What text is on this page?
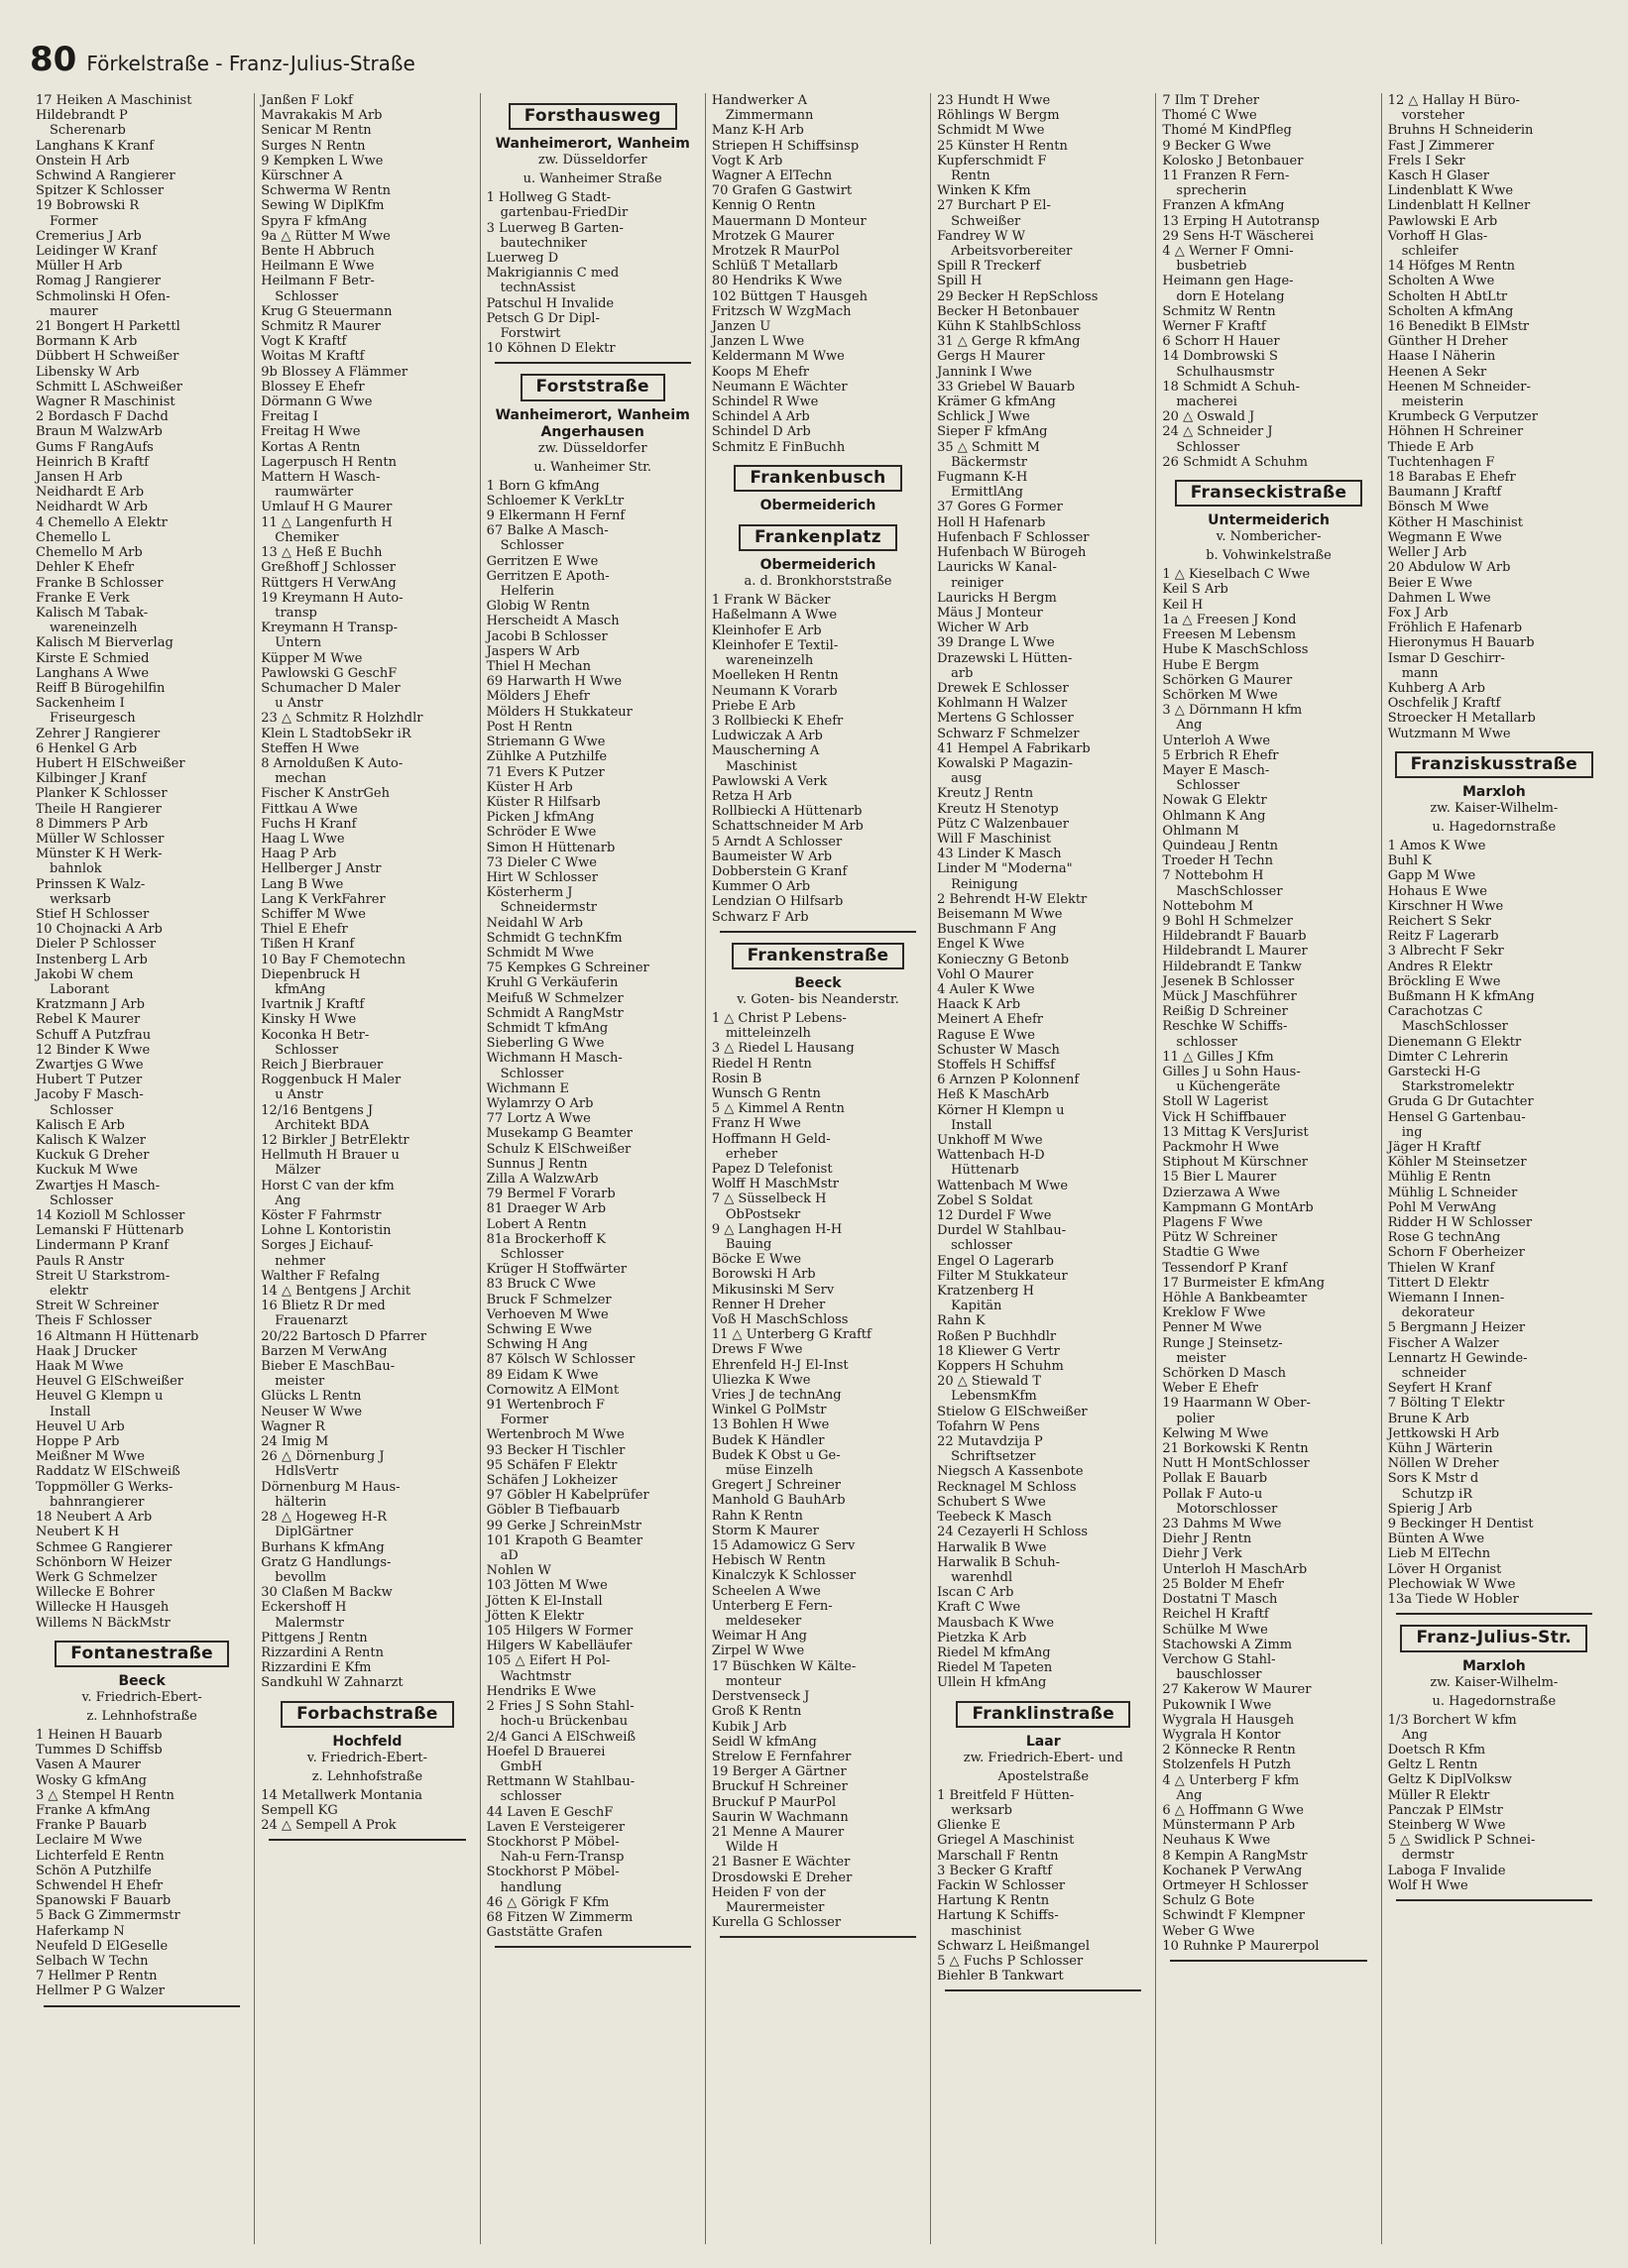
80 Förkelstraße - Franz-Julius-Straße
17 Heiken A Maschinist
Hildebrandt P
Scherenarb
Langhans K Kranf
Onstein H Arb
Schwind A Rangierer
Spitzer K Schlosser
19 Bobrowski R
Former
Cremerius J Arb
Leidinger W Kranf
Müller H Arb
Romag J Rangierer
Schmolinski H Ofen-
maurer
21 Bongert H Parkettl
Bormann K Arb
Dübbert H Schweißer
Libensky W Arb
Schmitt L ASchweißer
Wagner R Maschinist
2 Bordasch F Dachd
Braun M WalzwArb
Gums F RangAufs
Heinrich B Kraftf
Jansen H Arb
Neidhardt E Arb
Neidhardt W Arb
4 Chemello A Elektr
Chemello L
Chemello M Arb
Dehler K Ehefr
Franke B Schlosser
Franke E Verk
Kalisch M Tabak-
wareneinzelh
Kalisch M Bierverlag
Kirste E Schmied
Langhans A Wwe
Reiff B Bürogehilfin
Sackenheim I
Friseurgesch
Zehrer J Rangierer
6 Henkel G Arb
Hubert H ElSchweißer
Kilbinger J Kranf
Planker K Schlosser
Theile H Rangierer
8 Dimmers P Arb
Müller W Schlosser
Münster K H Werk-
bahnlok
Prinssen K Walz-
werksarb
Stief H Schlosser
10 Chojnacki A Arb
Dieler P Schlosser
Instenberg L Arb
Jakobi W chem
Laborant
Kratzmann J Arb
Rebel K Maurer
Schuff A Putzfrau
12 Binder K Wwe
Zwartjes G Wwe
Hubert T Putzer
Jacoby F Masch-
Schlosser
Kalisch E Arb
Kalisch K Walzer
Kuckuk G Dreher
Kuckuk M Wwe
Zwartjes H Masch-
Schlosser
14 Kozioll M Schlosser
Lemanski F Hüttenarb
Lindermann P Kranf
Pauls R Anstr
Streit U Starkstrom-
elektr
Streit W Schreiner
Theis F Schlosser
16 Altmann H Hüttenarb
Haak J Drucker
Haak M Wwe
Heuvel G ElSchweißer
Heuvel G Klempn u
Install
Heuvel U Arb
Hoppe P Arb
Meißner M Wwe
Raddatz W ElSchweiß
Toppmöller G Werks-
bahnrangierer
18 Neubert A Arb
Neubert K H
Schmee G Rangierer
Schönborn W Heizer
Werk G Schmelzer
Willecke E Bohrer
Willecke H Hausgeh
Willems N BäckMstr
Fontanestraße
Beeck
v. Friedrich-Ebert-
z. Lehnhofstraße
1 Heinen H Bauarb
Tummes D Schiffsb
Vasen A Maurer
Wosky G kfmAng
3 △ Stempel H Rentn
Franke A kfmAng
Franke P Bauarb
Leclaire M Wwe
Lichterfeld E Rentn
Schön A Putzhilfe
Schwendel H Ehefr
Spanowski F Bauarb
5 Back G Zimmermstr
Haferkamp N
Neufeld D ElGeselle
Selbach W Techn
7 Hellmer P Rentn
Hellmer P G Walzer
Janßen F Lokf
Mavrakakis M Arb
Senicar M Rentn
Surges N Rentn
9 Kempken L Wwe
Kürschner A
Schwerma W Rentn
Sewing W DiplKfm
Spyra F kfmAng
9a △ Rütter M Wwe
Bente H Abbruch
Heilmann E Wwe
Heilmann F Betr-
Schlosser
Krug G Steuermann
Schmitz R Maurer
Vogt K Kraftf
Woitas M Kraftf
9b Blossey A Flämmer
Blossey E Ehefr
Dörmann G Wwe
Freitag I
Freitag H Wwe
Kortas A Rentn
Lagerpusch H Rentn
Mattern H Wasch-
raumwärter
Umlauf H G Maurer
11 △ Langenfurth H
Chemiker
13 △ Heß E Buchh
Greßhoff J Schlosser
Rüttgers H VerwAng
19 Kreymann H Auto-
transp
Kreymann H Transp-
Untern
Küpper M Wwe
Pawlowski G GeschF
Schumacher D Maler
u Anstr
23 △ Schmitz R Holzhdlr
Klein L StadtobSekr iR
Steffen H Wwe
8 Arnoldußen K Auto-
mechan
Fischer K AnstrGeh
Fittkau A Wwe
Fuchs H Kranf
Haag L Wwe
Haag P Arb
Hellberger J Anstr
Lang B Wwe
Lang K VerkFahrer
Schiffer M Wwe
Thiel E Ehefr
Tißen H Kranf
10 Bay F Chemotechn
Diepenbruck H
kfmAng
Ivartnik J Kraftf
Kinsky H Wwe
Koconka H Betr-
Schlosser
Reich J Bierbrauer
Roggenbuck H Maler
u Anstr
12/16 Bentgens J
Architekt BDA
12 Birkler J BetrElektr
Hellmuth H Brauer u
Mälzer
Horst C van der kfm
Ang
Köster F Fahrmstr
Lohne L Kontoristin
Sorges J Eichauf-
nehmer
Walther F Refalng
14 △ Bentgens J Archit
16 Blietz R Dr med
Frauenarzt
20/22 Bartosch D Pfarrer
Barzen M VerwAng
Bieber E MaschBau-
meister
Glücks L Rentn
Neuser W Wwe
Wagner R
24 Imig M
26 △ Dörnenburg J
HdlsVertr
Dörnenburg M Haus-
hälterin
28 △ Hogeweg H-R
DiplGärtner
Burhans K kfmAng
Gratz G Handlungs-
bevollm
30 Claßen M Backw
Eckershoff H
Malermstr
Pittgens J Rentn
Rizzardini A Rentn
Rizzardini E Kfm
Sandkuhl W Zahnarzt
Forbachstraße
Hochfeld
v. Friedrich-Ebert-
z. Lehnhofstraße
14 Metallwerk Montania
Sempell KG
24 △ Sempell A Prok
Forsthausweg
Wanheimerort, Wanheim
zw. Düsseldorfer
u. Wanheimer Straße
1 Hollweg G Stadt-
gartenbau-FriedDir
3 Luerweg B Garten-
bautechniker
Luerweg D
Makrigiannis C med
technAssist
Patschul H Invalide
Petsch G Dr Dipl-
Forstwirt
10 Köhnen D Elektr
Forststraße
Wanheimerort, Wanheim Angerhausen
zw. Düsseldorfer
u. Wanheimer Str.
1 Born G kfmAng
Schloemer K VerkLtr
9 Elkermann H Fernf
67 Balke A Masch-
Schlosser
Gerritzen E Wwe
Gerritzen E Apoth-
Helferin
Globig W Rentn
Herscheidt A Masch
Jacobi B Schlosser
Jaspers W Arb
Thiel H Mechan
69 Harwarth H Wwe
Mölders J Ehefr
Mölders H Stukkateur
Post H Rentn
Striemann G Wwe
Zühlke A Putzhilfe
71 Evers K Putzer
Küster H Arb
Küster R Hilfsarb
Picken J kfmAng
Schröder E Wwe
Simon H Hüttenarb
73 Dieler C Wwe
Hirt W Schlosser
Kösterherm J
Schneidermstr
Neidahl W Arb
Schmidt G technKfm
Schmidt M Wwe
75 Kempkes G Schreiner
Kruhl G Verkäuferin
Meifuß W Schmelzer
Schmidt A RangMstr
Schmidt T kfmAng
Sieberling G Wwe
Wichmann H Masch-
Schlosser
Wichmann E
Wylamrzy O Arb
77 Lortz A Wwe
Musekamp G Beamter
Schulz K ElSchweißer
Sunnus J Rentn
Zilla A WalzwArb
79 Bermel F Vorarb
81 Draeger W Arb
Lobert A Rentn
81a Brockerhoff K
Schlosser
Krüger H Stoffwärter
83 Bruck C Wwe
Bruck F Schmelzer
Verhoeven M Wwe
Schwing E Wwe
Schwing H Ang
87 Kölsch W Schlosser
89 Eidam K Wwe
Cornowitz A ElMont
91 Wertenbroch F
Former
Wertenbroch M Wwe
93 Becker H Tischler
95 Schäfen F Elektr
Schäfen J Lokheizer
97 Göbler H Kabelprüfer
Göbler B Tiefbauarb
99 Gerke J SchreinMstr
101 Krapoth G Beamter
aD
Nohlen W
103 Jötten M Wwe
Jötten K El-Install
Jötten K Elektr
105 Hilgers W Former
Hilgers W Kabelläufer
105 △ Eifert H Pol-
Wachtmstr
Hendriks E Wwe
2 Fries J S Sohn Stahl-
hoch-u Brückenbau
2/4 Ganci A ElSchweiß
Hoefel D Brauerei
GmbH
Rettmann W Stahlbau-
schlosser
44 Laven E GeschF
Laven E Versteigerer
Stockhorst P Möbel-
Nah-u Fern-Transp
Stockhorst P Möbel-
handlung
46 △ Görigk F Kfm
68 Fitzen W Zimmerm
Gaststätte Grafen
Handwerker A
Zimmermann
Manz K-H Arb
Striepen H Schiffsinsp
Vogt K Arb
Wagner A ElTechn
70 Grafen G Gastwirt
Kennig O Rentn
Mauermann D Monteur
Mrotzek G Maurer
Mrotzek R MaurPol
Schlüß T Metallarb
80 Hendriks K Wwe
102 Büttgen T Hausgeh
Fritzsch W WzgMach
Janzen U
Janzen L Wwe
Keldermann M Wwe
Koops M Ehefr
Neumann E Wächter
Schindel R Wwe
Schindel A Arb
Schindel D Arb
Schmitz E FinBuchh
Frankenbusch
Obermeiderich
Frankenplatz
Obermeiderich
a. d. Bronkhorststraße
1 Frank W Bäcker
Haßelmann A Wwe
Kleinhofer E Arb
Kleinhofer E Textil-
wareneinzelh
Moelleken H Rentn
Neumann K Vorarb
Priebe E Arb
3 Rollbiecki K Ehefr
Ludwiczak A Arb
Mauscherning A
Maschinist
Pawlowski A Verk
Retza H Arb
Rollbiecki A Hüttenarb
Schattschneider M Arb
5 Arndt A Schlosser
Baumeister W Arb
Dobberstein G Kranf
Kummer O Arb
Lendzian O Hilfsarb
Schwarz F Arb
Frankenstraße
Beeck
v. Goten- bis Neanderstr.
1 △ Christ P Lebens-
mitteleinzelh
3 △ Riedel L Hausang
Riedel H Rentn
Rosin B
Wunsch G Rentn
5 △ Kimmel A Rentn
Franz H Wwe
Hoffmann H Geld-
erheber
Papez D Telefonist
Wolff H MaschMstr
7 △ Süsselbeck H
ObPostsekr
9 △ Langhagen H-H
Bauing
Böcke E Wwe
Borowski H Arb
Mikusinski M Serv
Renner H Dreher
Voß H MaschSchloss
11 △ Unterberg G Kraftf
Drews F Wwe
Ehrenfeld H-J El-Inst
Uliezka K Wwe
Vries J de technAng
Winkel G PolMstr
13 Bohlen H Wwe
Budek K Händler
Budek K Obst u Ge-
müse Einzelh
Gregert J Schreiner
Manhold G BauhArb
Rahn K Rentn
Storm K Maurer
15 Adamowicz G Serv
Hebisch W Rentn
Kinalczyk K Schlosser
Scheelen A Wwe
Unterberg E Fern-
meldeseker
Weimar H Ang
Zirpel W Wwe
17 Büschken W Kälte-
monteur
Derstvenseck J
Groß K Rentn
Kubik J Arb
Seidl W kfmAng
Strelow E Fernfahrer
19 Berger A Gärtner
Bruckuf H Schreiner
Bruckuf P MaurPol
Saurin W Wachmann
21 Menne A Maurer
Wilde H
21 Basner E Wächter
Drosdowski E Dreher
Heiden F von der
Maurermeister
Kurella G Schlosser
23 Hundt H Wwe
Röhlings W Bergm
Schmidt M Wwe
25 Künster H Rentn
Kupferschmidt F
Rentn
Winken K Kfm
27 Burchart P El-
Schweißer
Fandrey W W
Arbeitsvorbereiter
Spill R Treckerf
Spill H
29 Becker H RepSchloss
Becker H Betonbauer
Kühn K StahlbSchloss
31 △ Gerge R kfmAng
Gergs H Maurer
Jannink I Wwe
33 Griebel W Bauarb
Krämer G kfmAng
Schlick J Wwe
Sieper F kfmAng
35 △ Schmitt M
Bäckermstr
Fugmann K-H
ErmittlAng
37 Gores G Former
Holl H Hafenarb
Hufenbach F Schlosser
Hufenbach W Bürogeh
Lauricks W Kanal-
reiniger
Lauricks H Bergm
Mäus J Monteur
Wicher W Arb
39 Drange L Wwe
Drazewski L Hütten-
arb
Drewek E Schlosser
Kohlmann H Walzer
Mertens G Schlosser
Schwarz F Schmelzer
41 Hempel A Fabrikarb
Kowalski P Magazin-
ausg
Kreutz J Rentn
Kreutz H Stenotyp
Pütz C Walzenbauer
Will F Maschinist
43 Linder K Masch
Linder M "Moderna"
Reinigung
2 Behrendt H-W Elektr
Beisemann M Wwe
Buschmann F Ang
Engel K Wwe
Konieczny G Betonb
Vohl O Maurer
4 Auler K Wwe
Haack K Arb
Meinert A Ehefr
Raguse E Wwe
Schuster W Masch
Stoffels H Schiffsf
6 Arnzen P Kolonnenf
Heß K MaschArb
Körner H Klempn u
Install
Unkhoff M Wwe
Wattenbach H-D
Hüttenarb
Wattenbach M Wwe
Zobel S Soldat
12 Durdel F Wwe
Durdel W Stahlbau-
schlosser
Engel O Lagerarb
Filter M Stukkateur
Kratzenberg H
Kapitän
Rahn K
Roßen P Buchhdlr
18 Kliewer G Vertr
Koppers H Schuhm
20 △ Stiewald T
LebensmKfm
Stielow G ElSchweißer
Tofahrn W Pens
22 Mutavdzija P
Schriftsetzer
Niegsch A Kassenbote
Recknagel M Schloss
Schubert S Wwe
Teebeck K Masch
24 Cezayerli H Schloss
Harwalik B Wwe
Harwalik B Schuh-
warenhdl
Iscan C Arb
Kraft C Wwe
Mausbach K Wwe
Pietzka K Arb
Riedel M kfmAng
Riedel M Tapeten
Ullein H kfmAng
Franklinstraße
Laar
zw. Friedrich-Ebert- und
Apostelstraße
1 Breitfeld F Hütten-
werksarb
Glienke E
Griegel A Maschinist
Marschall F Rentn
3 Becker G Kraftf
Fackin W Schlosser
Hartung K Rentn
Hartung K Schiffs-
maschinist
Schwarz L Heißmangel
5 △ Fuchs P Schlosser
Biehler B Tankwart
7 Ilm T Dreher
Thomé C Wwe
Thomé M KindPfleg
9 Becker G Wwe
Kolosko J Betonbauer
11 Franzen R Fern-
sprecherin
Franzen A kfmAng
13 Erping H Autotransp
29 Sens H-T Wäscherei
4 △ Werner F Omni-
busbetrieb
Heimann gen Hage-
dorn E Hotelang
Schmitz W Rentn
Werner F Kraftf
6 Schorr H Hauer
14 Dombrowski S
Schulhausmstr
18 Schmidt A Schuh-
macherei
20 △ Oswald J
24 △ Schneider J
Schlosser
26 Schmidt A Schuhm
Franseckistraße
Untermeiderich
v. Nombericher-
b. Vohwinkelstraße
1 △ Kieselbach C Wwe
Keil S Arb
Keil H
1a △ Freesen J Kond
Freesen M Lebensm
Hube K MaschSchloss
Hube E Bergm
Schörken G Maurer
Schörken M Wwe
3 △ Dörnmann H kfm
Ang
Unterloh A Wwe
5 Erbrich R Ehefr
Mayer E Masch-
Schlosser
Nowak G Elektr
Ohlmann K Ang
Ohlmann M
Quindeau J Rentn
Troeder H Techn
7 Nottebohm H
MaschSchlosser
Nottebohm M
9 Bohl H Schmelzer
Hildebrandt F Bauarb
Hildebrandt L Maurer
Hildebrandt E Tankw
Jesenek B Schlosser
Mück J Maschführer
Reißig D Schreiner
Reschke W Schiffs-
schlosser
11 △ Gilles J Kfm
Gilles J u Sohn Haus-
u Küchengeräte
Stoll W Lagerist
Vick H Schiffbauer
13 Mittag K VersJurist
Packmohr H Wwe
Stiphout M Kürschner
15 Bier L Maurer
Dzierzawa A Wwe
Kampmann G MontArb
Plagens F Wwe
Pütz W Schreiner
Stadtie G Wwe
Tessendorf P Kranf
17 Burmeister E kfmAng
Höhle A Bankbeamter
Kreklow F Wwe
Penner M Wwe
Runge J Steinsetz-
meister
Schörken D Masch
Weber E Ehefr
19 Haarmann W Ober-
polier
Kelwing M Wwe
21 Borkowski K Rentn
Nutt H MontSchlosser
Pollak E Bauarb
Pollak F Auto-u
Motorschlosser
23 Dahms M Wwe
Diehr J Rentn
Diehr J Verk
Unterloh H MaschArb
25 Bolder M Ehefr
Dostatni T Masch
Reichel H Kraftf
Schülke M Wwe
Stachowski A Zimm
Verchow G Stahl-
bauschlosser
27 Kakerow W Maurer
Pukownik I Wwe
Wygrala H Hausgeh
Wygrala H Kontor
2 Könnecke R Rentn
Stolzenfels H Putzh
4 △ Unterberg F kfm
Ang
6 △ Hoffmann G Wwe
Münstermann P Arb
Neuhaus K Wwe
8 Kempin A RangMstr
Kochanek P VerwAng
Ortmeyer H Schlosser
Schulz G Bote
Schwindt F Klempner
Weber G Wwe
10 Ruhnke P Maurerpol
12 △ Hallay H Büro-
vorsteher
Bruhns H Schneiderin
Fast J Zimmerer
Frels I Sekr
Kasch H Glaser
Lindenblatt K Wwe
Lindenblatt H Kellner
Pawlowski E Arb
Vorhoff H Glas-
schleifer
14 Höfges M Rentn
Scholten A Wwe
Scholten H AbtLtr
Scholten A kfmAng
16 Benedikt B ElMstr
Günther H Dreher
Haase I Näherin
Heenen A Sekr
Heenen M Schneider-
meisterin
Krumbeck G Verputzer
Höhnen H Schreiner
Thiede E Arb
Tuchtenhagen F
18 Barabas E Ehefr
Baumann J Kraftf
Bönsch M Wwe
Köther H Maschinist
Wegmann E Wwe
Weller J Arb
20 Abdulow W Arb
Beier E Wwe
Dahmen L Wwe
Fox J Arb
Fröhlich E Hafenarb
Hieronymus H Bauarb
Ismar D Geschirr-
mann
Kuhberg A Arb
Oschfelik J Kraftf
Stroecker H Metallarb
Wutzmann M Wwe
Franziskusstraße
Marxloh
zw. Kaiser-Wilhelm-
u. Hagedornstraße
1 Amos K Wwe
Buhl K
Gapp M Wwe
Hohaus E Wwe
Kirschner H Wwe
Reichert S Sekr
Reitz F Lagerarb
3 Albrecht F Sekr
Andres R Elektr
Bröckling E Wwe
Bußmann H K kfmAng
Carachotzas C
MaschSchlosser
Dienemann G Elektr
Dimter C Lehrerin
Garstecki H-G
Starkstromelektr
Gruda G Dr Gutachter
Hensel G Gartenbau-
ing
Jäger H Kraftf
Köhler M Steinsetzer
Mühlig E Rentn
Mühlig L Schneider
Pohl M VerwAng
Ridder H W Schlosser
Rose G technAng
Schorn F Oberheizer
Thielen W Kranf
Tittert D Elektr
Wiemann I Innen-
dekorateur
5 Bergmann J Heizer
Fischer A Walzer
Lennartz H Gewinde-
schneider
Seyfert H Kranf
7 Bölting T Elektr
Brune K Arb
Jettkowski H Arb
Kühn J Wärterin
Nöllen W Dreher
Sors K Mstr d
Schutzp iR
Spierig J Arb
9 Beckinger H Dentist
Bünten A Wwe
Lieb M ElTechn
Löver H Organist
Plechowiak W Wwe
13a Tiede W Hobler
Franz-Julius-Str.
Marxloh
zw. Kaiser-Wilhelm-
u. Hagedornstraße
1/3 Borchert W kfm
Ang
Doetsch R Kfm
Geltz L Rentn
Geltz K DiplVolksw
Müller R Elektr
Panczak P ElMstr
Steinberg W Wwe
5 △ Swidlick P Schnei-
dermstr
Laboga F Invalide
Wolf H Wwe
